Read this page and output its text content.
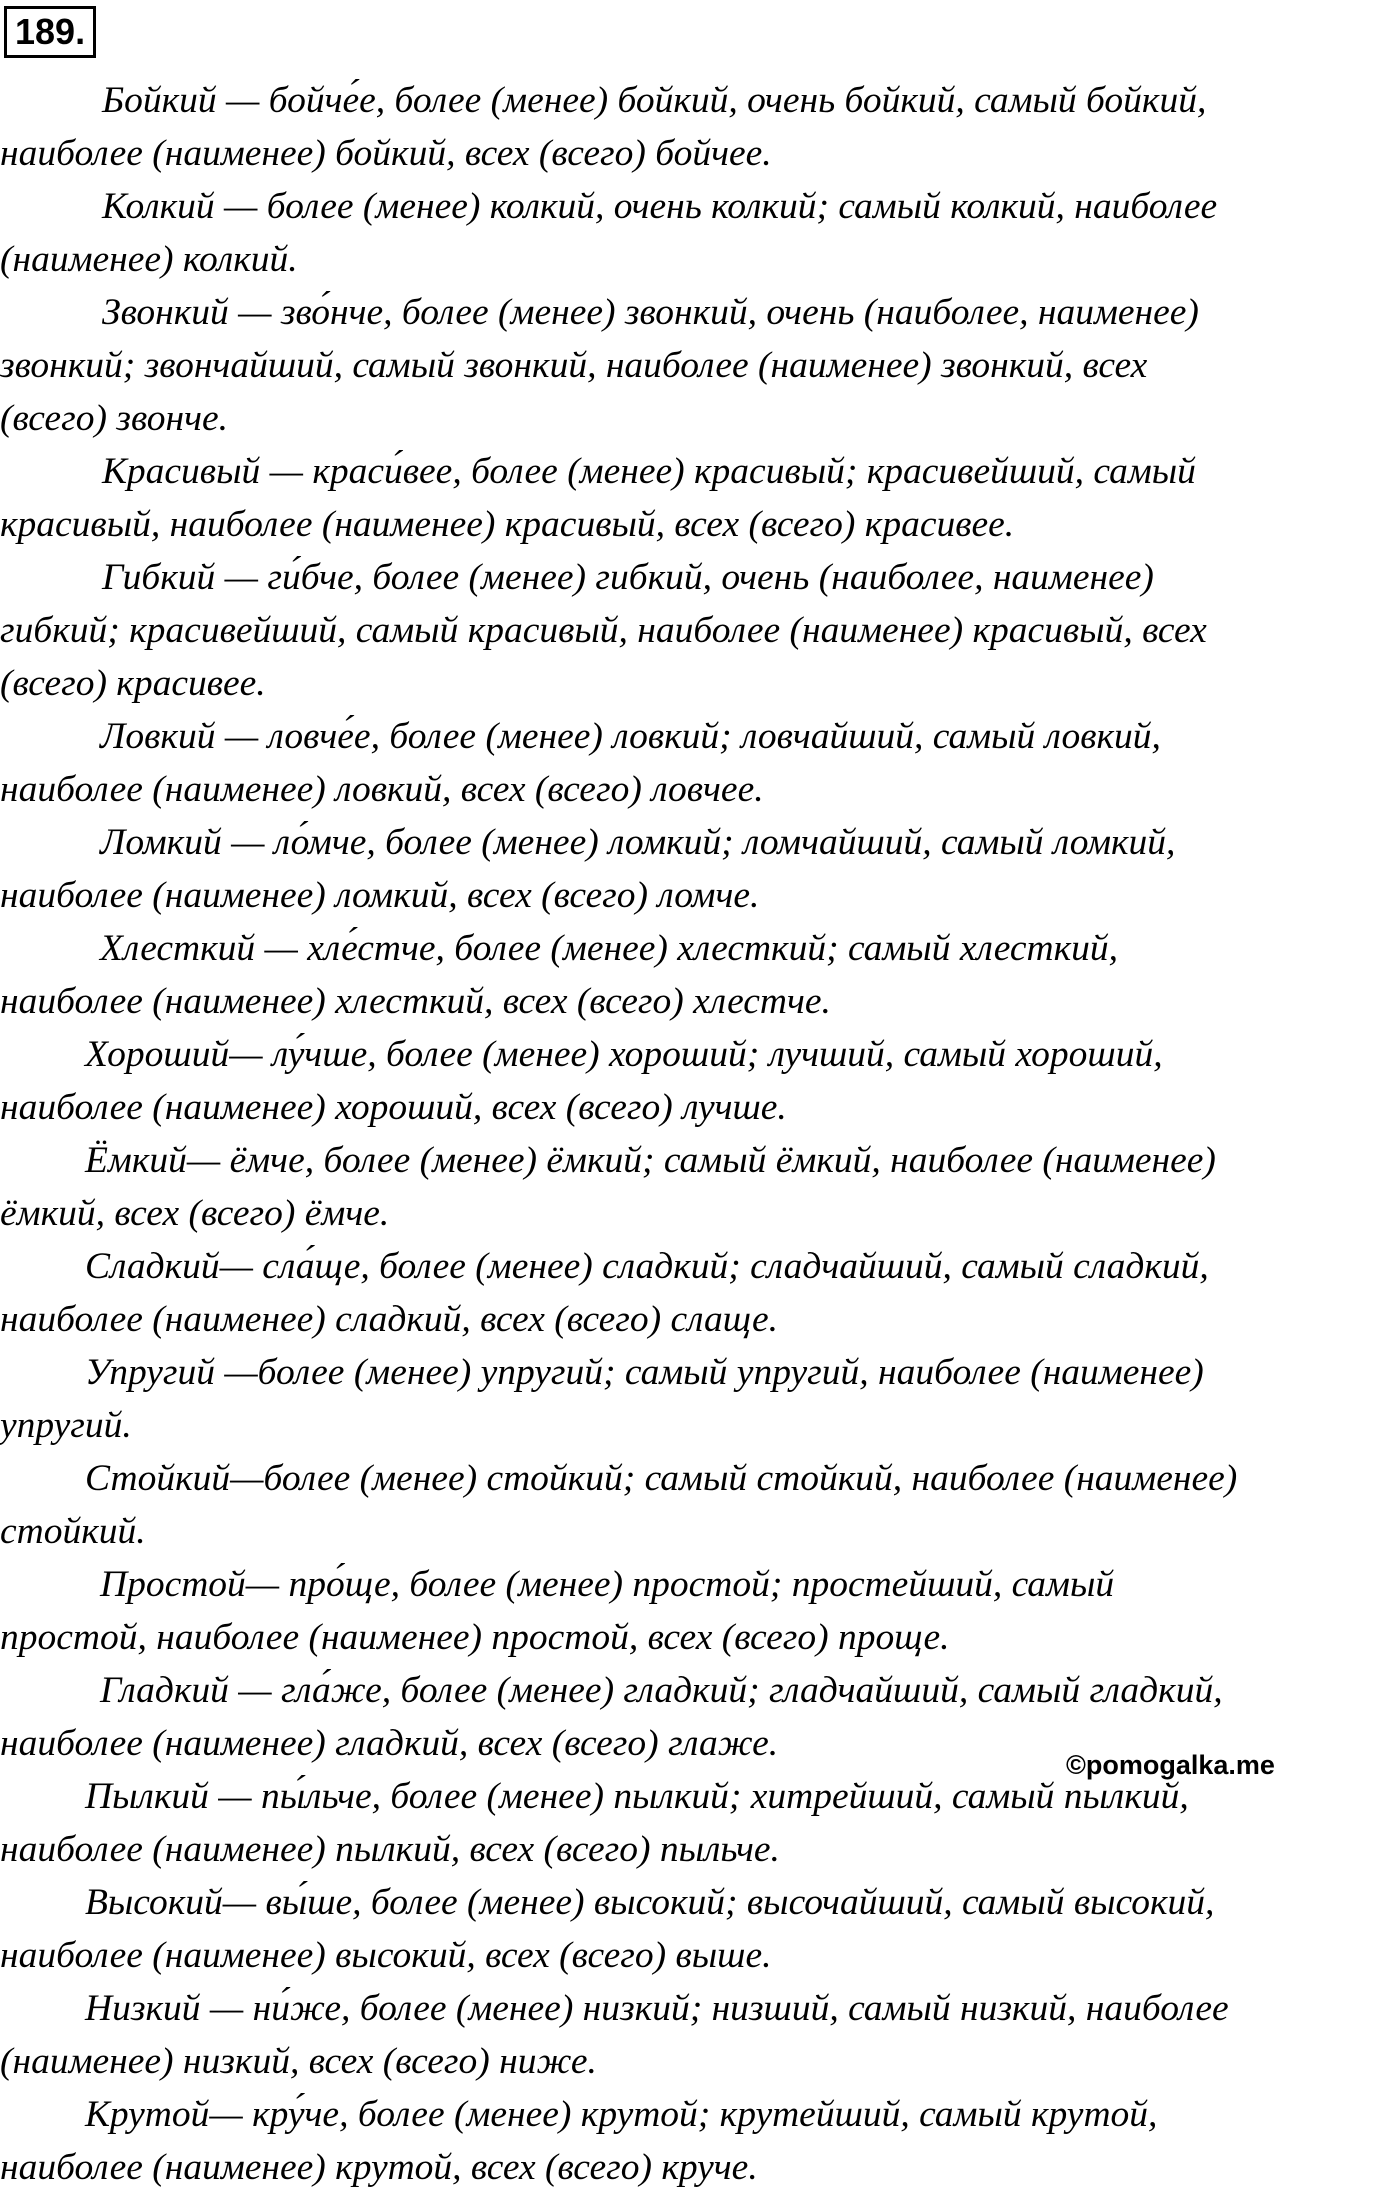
189.

Бойкий — бойче́е, более (менее) бойкий, очень бойкий, самый бойкий,
наиболее (наименее) бойкий, всех (всего) бойчее.

Колкий — более (менее) колкий, очень колкий; самый колкий, наиболее
(наименее) колкий.

Звонкий — зво́нче, более (менее) звонкий, очень (наиболее, наименее)
звонкий; звончайший, самый звонкий, наиболее (наименее) звонкий, всех
(всего) звонче.

Красивый — краси́вее, более (менее) красивый; красивейший, самый
красивый, наиболее (наименее) красивый, всех (всего) красивее.

Гибкий — ги́бче, более (менее) гибкий, очень (наиболее, наименее)
гибкий; красивейший, самый красивый, наиболее (наименее) красивый, всех
(всего) красивее.

Ловкий — ловче́е, более (менее) ловкий; ловчайший, самый ловкий,
наиболее (наименее) ловкий, всех (всего) ловчее.

Ломкий — ло́мче, более (менее) ломкий; ломчайший, самый ломкий,
наиболее (наименее) ломкий, всех (всего) ломче.

Хлесткий — хле́стче, более (менее) хлесткий; самый хлесткий,
наиболее (наименее) хлесткий, всех (всего) хлестче.

Хороший— лу́чше, более (менее) хороший; лучший, самый хороший,
наиболее (наименее) хороший, всех (всего) лучше.

Ёмкий— ёмче, более (менее) ёмкий; самый ёмкий, наиболее (наименее)
ёмкий, всех (всего) ёмче.

Сладкий— сла́ще, более (менее) сладкий; сладчайший, самый сладкий,
наиболее (наименее) сладкий, всех (всего) слаще.

Упругий —более (менее) упругий; самый упругий, наиболее (наименее)
упругий.

Стойкий—более (менее) стойкий; самый стойкий, наиболее (наименее)
стойкий.

Простой— про́ще, более (менее) простой; простейший, самый
простой, наиболее (наименее) простой, всех (всего) проще.

Гладкий — гла́же, более (менее) гладкий; гладчайший, самый гладкий,
наиболее (наименее) гладкий, всех (всего) глаже.

Пылкий — пы́льче, более (менее) пылкий; хитрейший, самый пылкий,
наиболее (наименее) пылкий, всех (всего) пыльче.

Высокий— вы́ше, более (менее) высокий; высочайший, самый высокий,
наиболее (наименее) высокий, всех (всего) выше.

Низкий — ни́же, более (менее) низкий; низший, самый низкий, наиболее
(наименее) низкий, всех (всего) ниже.

Крутой— кру́че, более (менее) крутой; крутейший, самый крутой,
наиболее (наименее) крутой, всех (всего) круче.

©pomogalka.me
